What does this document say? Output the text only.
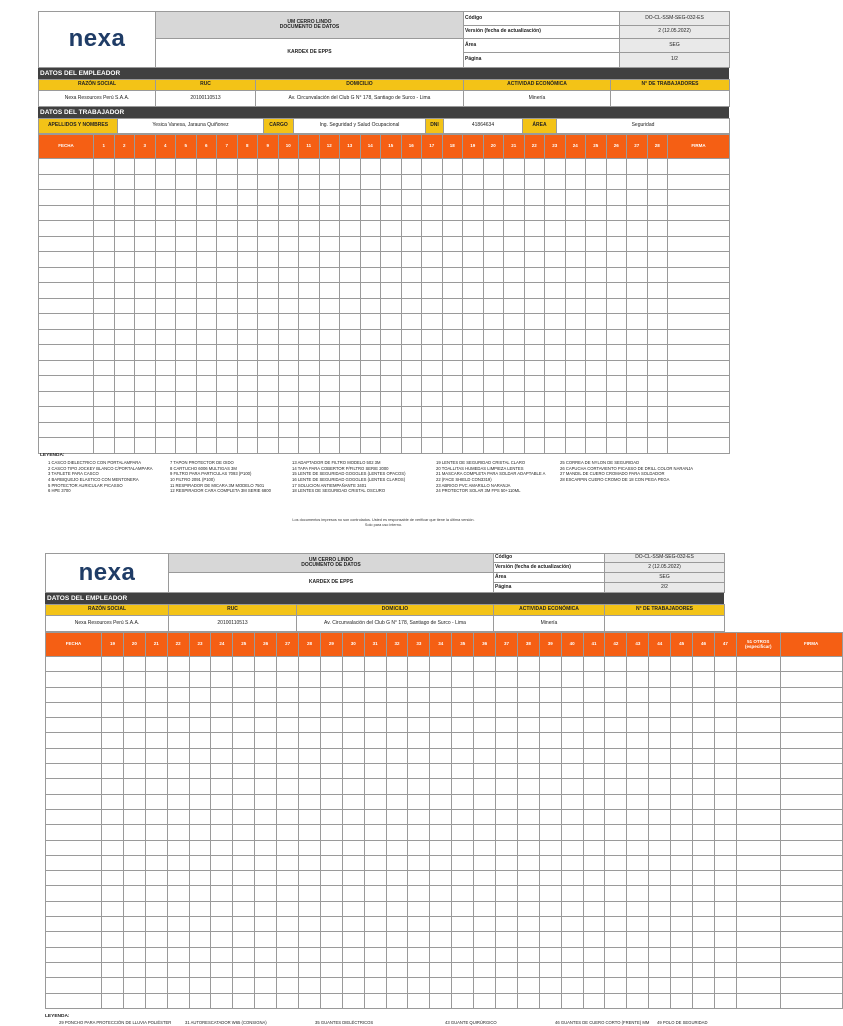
nexa	UM CERRO LINDO
DOCUMENTO DE DATOS	Código	DO-CL-SSM-SEG-032-ES
		Versión (fecha de actualización)	2 (12.05.2022)
	KARDEX DE EPPS	Área	SEG
		Página	1/2
DATOS DEL EMPLEADOR
RAZÓN SOCIAL	RUC	DOMICILIO	ACTIVIDAD ECONÓMICA	N° DE TRABAJADORES
Nexa Resources Perú S.A.A.	20100110513	Av. Circunvalación del Club G N° 178, Santiago de Surco - Lima	Minería	
DATOS DEL TRABAJADOR
APELLIDOS Y NOMBRES	Yesica Vanesa, Jarauna Quiñonez	CARGO	Ing. Seguridad y Salud Ocupacional	DNI	41864634	ÁREA	Seguridad
FECHA	1	2	3	4	5	6	7	8	9	10	11	12	13	14	15	16	17	18	19	20	21	22	23	24	25	26	27	28	FIRMA

LEYENDA:
1 CASCO DIELECTRICO CON PORTALAMPARA
2 CASCO TIPO JOCKEY BLANCO C/PORTALAMPARA
3 TAFILETE PARA CASCO
4 BARBIQUEJO ELASTICO CON MENTONERA
5 PROTECTOR AURICULAR PICASSO
6 HPE 3700
7 TAPON PROTECTOR DE OIDO
8 CARTUCHO 6006 MULTIGAS 3M
9 FILTRO PARA PARTICULAS 7093 (P100)
10 FILTRO 2091 (P100)
11 RESPIRADOR DE MICARA 3M MODELO 7501
12 RESPIRADOR CARA COMPLETA 3M SERIE 6800
13 ADAPTADOR DE FILTRO MODELO 502 3M
14 TAPA PARA COBERTOR P/FILTRO SERIE 2000
15 LENTE DE SEGURIDAD GOGGLES (LENTES OPACOS)
16 LENTE DE SEGURIDAD GOGGLES (LENTES CLAROS)
17 SOLUCION ANTIEMPAÑANTE 3401
18 LENTES DE SEGURIDAD CRISTAL OSCURO
19 LENTES DE SEGURIDAD CRISTAL CLARO
20 TOALLITAS HUMEDAS LIMPIEZA LENTES
21 MASCARA COMPLETA PARA SOLDAR ADAPTABLE A
22 (FACE SHIELD CON3319)
23 ABRIGO PVC AMARILLO NARANJA
24 PROTECTOR SOLAR 3M FPS 50+110ML
25 CORREA DE NYLON DE SEGURIDAD
26 CAPUCHA CORTAVIENTO PICASSO DE DRILL COLOR NARANJA
27 MANDIL DE CUERO CROMADO PARA SOLDADOR
28 ESCARPIN CUERO CROMO DE 18 CON PEGA PEGA
Los documentos impresos no son controlados. Usted es responsable de verificar que tiene la última versión.
Solo para uso interno.
nexa	UM CERRO LINDO
DOCUMENTO DE DATOS	Código	DO-CL-SSM-SEG-032-ES
		Versión (fecha de actualización)	2 (12.05.2022)
	KARDEX DE EPPS	Área	SEG
		Página	2/2
DATOS DEL EMPLEADOR
RAZÓN SOCIAL	RUC	DOMICILIO	ACTIVIDAD ECONÓMICA	N° DE TRABAJADORES
Nexa Resources Perú S.A.A.	20100110513	Av. Circunvalación del Club G N° 178, Santiago de Surco - Lima	Minería	
FECHA	19	20	21	22	23	24	25	26	27	28	29	30	31	32	33	34	35	36	37	38	39	40	41	42	43	44	45	46	47	51 OTROS (especificar)	FIRMA

LEYENDA:
29 PONCHO PARA PROTECCIÓN DE LLUVIA POLIÉSTER	31 AUTORESCATADOR W65 (CONSIGNA)	35 GUANTES DIELÉCTRICOS	43 GUANTE QUIRÚRGICO	46 GUANTES DE CUERO CORTO (FRENTE) MM 49 POLO DE SEGURIDAD
